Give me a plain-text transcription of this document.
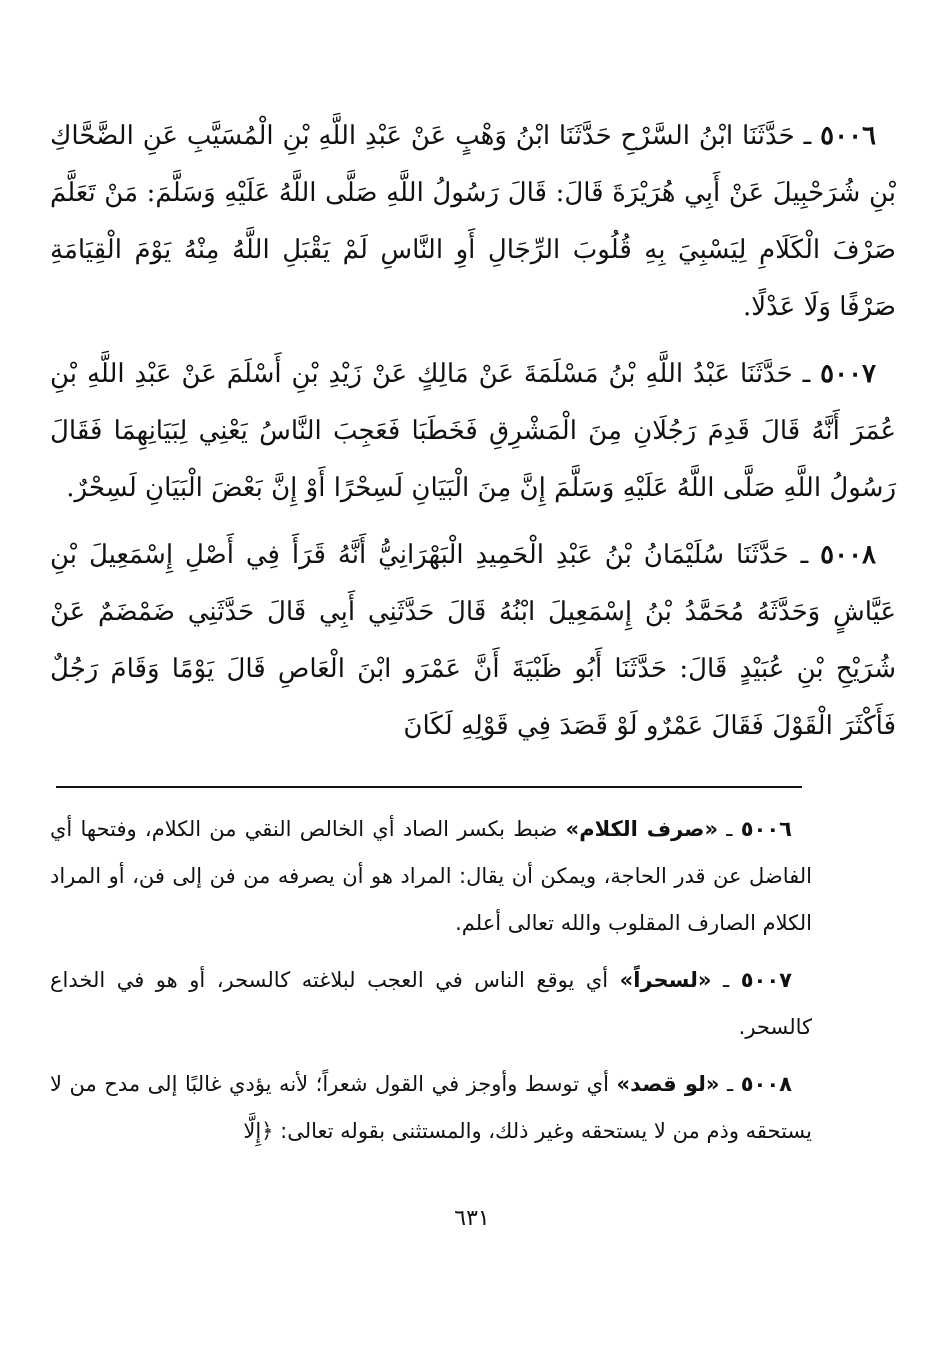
٥٠٠٦ ـ حَدَّثَنَا ابْنُ السَّرْحِ حَدَّثَنَا ابْنُ وَهْبٍ عَنْ عَبْدِ اللَّهِ بْنِ الْمُسَيَّبِ عَنِ الضَّحَّاكِ بْنِ شُرَحْبِيلَ عَنْ أَبِي هُرَيْرَةَ قَالَ: قَالَ رَسُولُ اللَّهِ صَلَّى اللَّهُ عَلَيْهِ وَسَلَّمَ: مَنْ تَعَلَّمَ صَرْفَ الْكَلَامِ لِيَسْبِيَ بِهِ قُلُوبَ الرِّجَالِ أَوِ النَّاسِ لَمْ يَقْبَلِ اللَّهُ مِنْهُ يَوْمَ الْقِيَامَةِ صَرْفًا وَلَا عَدْلًا.

٥٠٠٧ ـ حَدَّثَنَا عَبْدُ اللَّهِ بْنُ مَسْلَمَةَ عَنْ مَالِكٍ عَنْ زَيْدِ بْنِ أَسْلَمَ عَنْ عَبْدِ اللَّهِ بْنِ عُمَرَ أَنَّهُ قَالَ قَدِمَ رَجُلَانِ مِنَ الْمَشْرِقِ فَخَطَبَا فَعَجِبَ النَّاسُ يَعْنِي لِبَيَانِهِمَا فَقَالَ رَسُولُ اللَّهِ صَلَّى اللَّهُ عَلَيْهِ وَسَلَّمَ إِنَّ مِنَ الْبَيَانِ لَسِحْرًا أَوْ إِنَّ بَعْضَ الْبَيَانِ لَسِحْرٌ.

٥٠٠٨ ـ حَدَّثَنَا سُلَيْمَانُ بْنُ عَبْدِ الْحَمِيدِ الْبَهْرَانِيُّ أَنَّهُ قَرَأَ فِي أَصْلِ إِسْمَعِيلَ بْنِ عَيَّاشٍ وَحَدَّثَهُ مُحَمَّدُ بْنُ إِسْمَعِيلَ ابْنُهُ قَالَ حَدَّثَنِي أَبِي قَالَ حَدَّثَنِي ضَمْضَمٌ عَنْ شُرَيْحِ بْنِ عُبَيْدٍ قَالَ: حَدَّثَنَا أَبُو ظَبْيَةَ أَنَّ عَمْرَو ابْنَ الْعَاصِ قَالَ يَوْمًا وَقَامَ رَجُلٌ فَأَكْثَرَ الْقَوْلَ فَقَالَ عَمْرٌو لَوْ قَصَدَ فِي قَوْلِهِ لَكَانَ

٥٠٠٦ ـ «صرف الكلام» ضبط بكسر الصاد أي الخالص النقي من الكلام، وفتحها أي الفاضل عن قدر الحاجة، ويمكن أن يقال: المراد هو أن يصرفه من فن إلى فن، أو المراد الكلام الصارف المقلوب والله تعالى أعلم.

٥٠٠٧ ـ «لسحراً» أي يوقع الناس في العجب لبلاغته كالسحر، أو هو في الخداع كالسحر.

٥٠٠٨ ـ «لو قصد» أي توسط وأوجز في القول شعراً؛ لأنه يؤدي غالبًا إلى مدح من لا يستحقه وذم من لا يستحقه وغير ذلك، والمستثنى بقوله تعالى: ﴿إِلَّا

٦٣١
